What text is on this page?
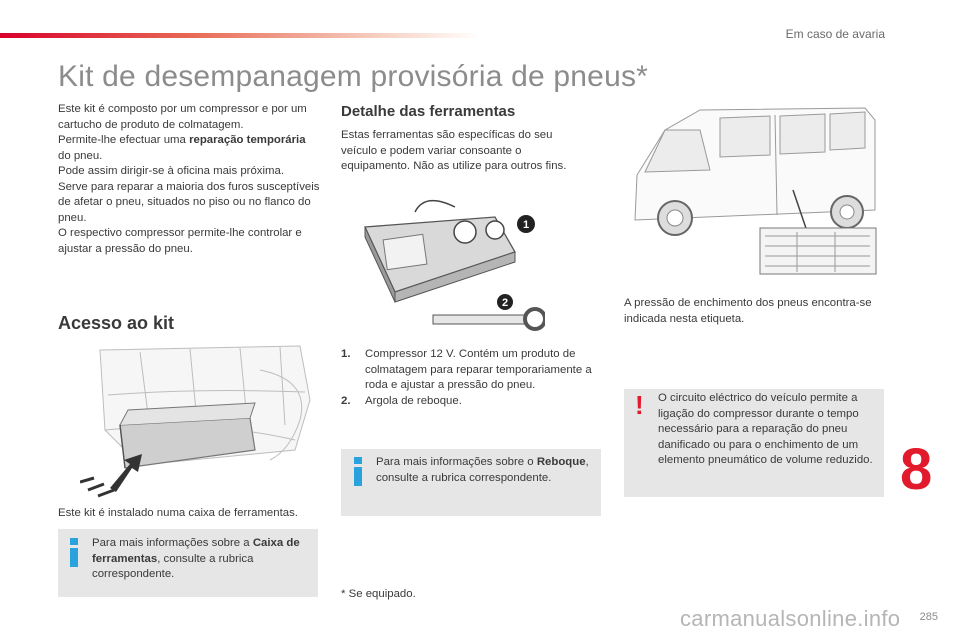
Em caso de avaria
Kit de desempanagem provisória de pneus*

Este kit é composto por um compressor e por um cartucho de produto de colmatagem.

Permite-lhe efectuar uma reparação temporária do pneu.

Pode assim dirigir-se à oficina mais próxima.

Serve para reparar a maioria dos furos susceptíveis de afetar o pneu, situados no piso ou no flanco do pneu.

O respectivo compressor permite-lhe controlar e ajustar a pressão do pneu.

Acesso ao kit
Este kit é instalado numa caixa de ferramentas.
Para mais informações sobre a Caixa de ferramentas, consulte a rubrica correspondente.
Detalhe das ferramentas
Estas ferramentas são específicas do seu veículo e podem variar consoante o equipamento. Não as utilize para outros fins.
1
2
1. Compressor 12 V. Contém um produto de colmatagem para reparar temporariamente a roda e ajustar a pressão do pneu.
2. Argola de reboque.
Para mais informações sobre o Reboque, consulte a rubrica correspondente.
* Se equipado.
A pressão de enchimento dos pneus encontra-se indicada nesta etiqueta.
! O circuito eléctrico do veículo permite a ligação do compressor durante o tempo necessário para a reparação do pneu danificado ou para o enchimento de um elemento pneumático de volume reduzido. 8
carmanualsonline.info 285
